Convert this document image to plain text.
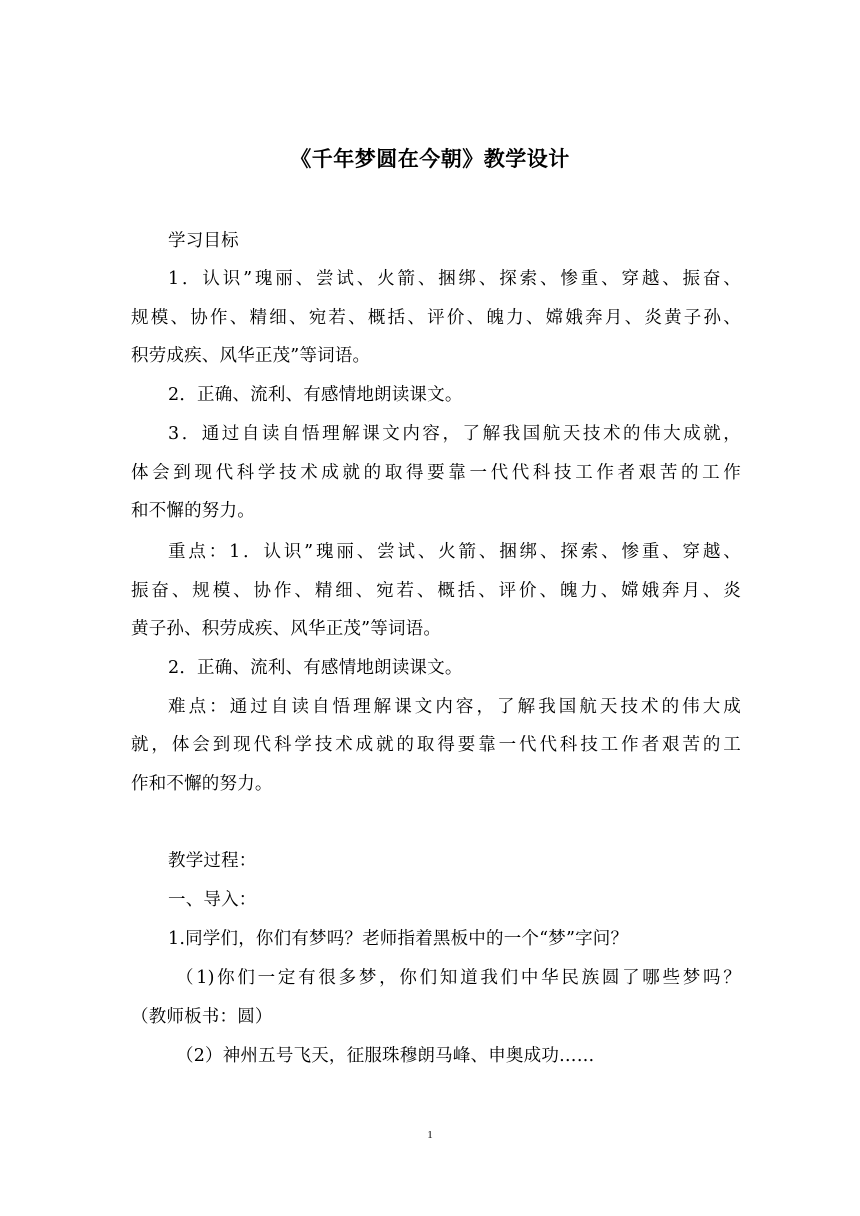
《千年梦圆在今朝》教学设计
学习目标
1．认识”瑰丽、尝试、火箭、捆绑、探索、惨重、穿越、振奋、
规模、协作、精细、宛若、概括、评价、魄力、嫦娥奔月、炎黄子孙、
积劳成疾、风华正茂”等词语。
2．正确、流利、有感情地朗读课文。
3．通过自读自悟理解课文内容，了解我国航天技术的伟大成就，
体会到现代科学技术成就的取得要靠一代代科技工作者艰苦的工作
和不懈的努力。
重点：1．认识”瑰丽、尝试、火箭、捆绑、探索、惨重、穿越、
振奋、规模、协作、精细、宛若、概括、评价、魄力、嫦娥奔月、炎
黄子孙、积劳成疾、风华正茂”等词语。
2．正确、流利、有感情地朗读课文。
难点：通过自读自悟理解课文内容，了解我国航天技术的伟大成
就，体会到现代科学技术成就的取得要靠一代代科技工作者艰苦的工
作和不懈的努力。
教学过程：
一、导入：
1.同学们，你们有梦吗？老师指着黑板中的一个“梦”字问？
（1)你们一定有很多梦，你们知道我们中华民族圆了哪些梦吗？
（教师板书：圆）
（2）神州五号飞天，征服珠穆朗马峰、申奥成功……
1
